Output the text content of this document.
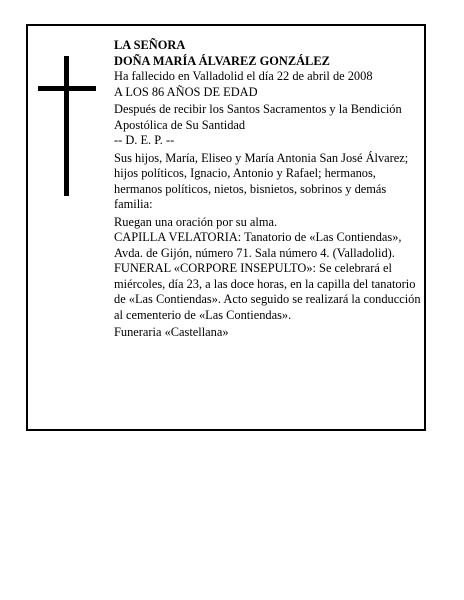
LA SEÑORA

DOÑA MARÍA ÁLVAREZ GONZÁLEZ

Ha fallecido en Valladolid el día 22 de abril de 2008

A LOS 86 AÑOS DE EDAD

Después de recibir los Santos Sacramentos y la Bendición Apostólica de Su Santidad

-- D. E. P. --

Sus hijos, María, Eliseo y María Antonia San José Álvarez; hijos políticos, Ignacio, Antonio y Rafael; hermanos, hermanos políticos, nietos, bisnietos, sobrinos y demás familia:

Ruegan una oración por su alma.

CAPILLA VELATORIA: Tanatorio de «Las Contiendas», Avda. de Gijón, número 71. Sala número 4. (Valladolid).

FUNERAL «CORPORE INSEPULTO»: Se celebrará el miércoles, día 23, a las doce horas, en la capilla del tanatorio de «Las Contiendas». Acto seguido se realizará la conducción al cementerio de «Las Contiendas».

Funeraria «Castellana»
